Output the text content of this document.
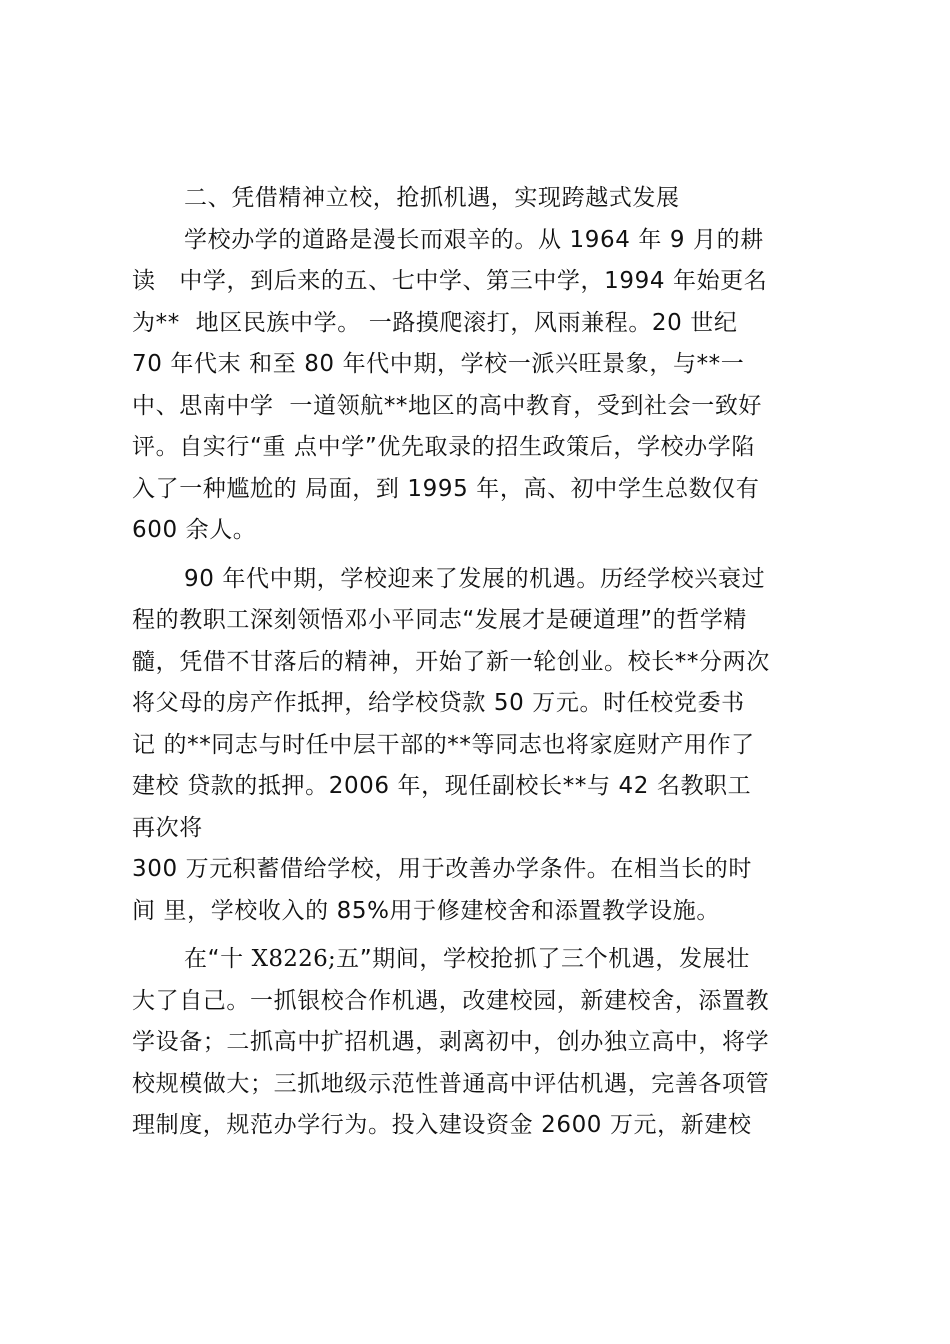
二、凭借精神立校，抢抓机遇，实现跨越式发展
学校办学的道路是漫长而艰辛的。从 1964 年 9 月的耕
读   中学，到后来的五、七中学、第三中学，1994 年始更名
为**  地区民族中学。 一路摸爬滚打，风雨兼程。20 世纪
70 年代末 和至 80 年代中期，学校一派兴旺景象，与**一
中、思南中学  一道领航**地区的高中教育，受到社会一致好
评。自实行“重 点中学”优先取录的招生政策后，学校办学陷
入了一种尴尬的 局面，到 1995 年，高、初中学生总数仅有
600 余人。
90 年代中期，学校迎来了发展的机遇。历经学校兴衰过
程的教职工深刻领悟邓小平同志“发展才是硬道理”的哲学精
髓，凭借不甘落后的精神，开始了新一轮创业。校长**分两次
将父母的房产作抵押，给学校贷款 50 万元。时任校党委书
记 的**同志与时任中层干部的**等同志也将家庭财产用作了
建校 贷款的抵押。2006 年，现任副校长**与 42 名教职工
再次将
300 万元积蓄借给学校，用于改善办学条件。在相当长的时
间 里，学校收入的 85%用于修建校舍和添置教学设施。
在“十 X8226;五”期间，学校抢抓了三个机遇，发展壮
大了自己。一抓银校合作机遇，改建校园，新建校舍，添置教
学设备；二抓高中扩招机遇，剥离初中，创办独立高中，将学
校规模做大；三抓地级示范性普通高中评估机遇，完善各项管
理制度，规范办学行为。投入建设资金 2600 万元，新建校
